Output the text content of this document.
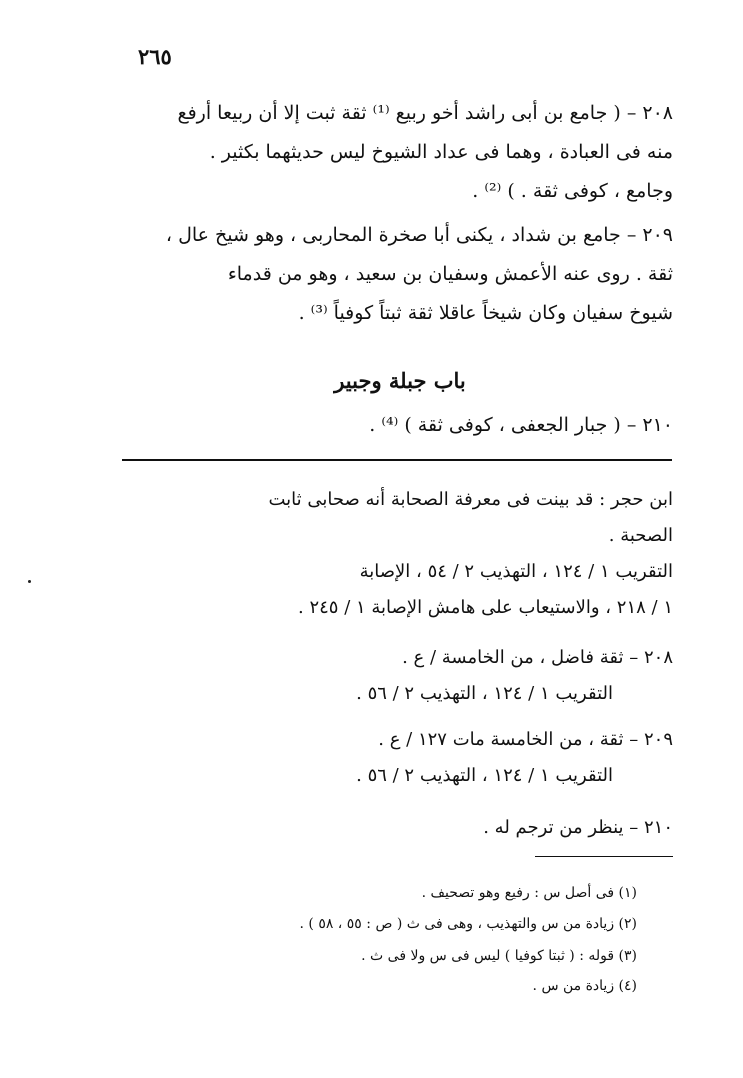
٢٦٥
٢٠٨ – ( جامع بن أبى راشد أخو ربيع ⁽¹⁾ ثقة ثبت إلا أن ربيعا أرفع
منه فى العبادة ، وهما فى عداد الشيوخ ليس حديثهما بكثير .
وجامع ، كوفى ثقة . ) ⁽²⁾ .
٢٠٩ – جامع بن شداد ، يكنى أبا صخرة المحاربى ، وهو شيخ عال ،
ثقة . روى عنه الأعمش وسفيان بن سعيد ، وهو من قدماء
شيوخ سفيان وكان شيخاً عاقلا ثقة ثبتاً كوفياً ⁽³⁾ .
باب جبلة وجبير
٢١٠ – ( جبار الجعفى ، كوفى ثقة ) ⁽⁴⁾ .
ابن حجر : قد بينت فى معرفة الصحابة أنه صحابى ثابت
الصحبة .
التقريب ١ / ١٢٤ ، التهذيب ٢ / ٥٤ ، الإصابة
١ / ٢١٨ ، والاستيعاب على هامش الإصابة ١ / ٢٤٥ .
٢٠٨ – ثقة فاضل ، من الخامسة / ع .
التقريب ١ / ١٢٤ ، التهذيب ٢ / ٥٦ .
٢٠٩ – ثقة ، من الخامسة مات ١٢٧ / ع .
التقريب ١ / ١٢٤ ، التهذيب ٢ / ٥٦ .
٢١٠ – ينظر من ترجم له .
(١) فى أصل س : رفيع وهو تصحيف .
(٢) زيادة من س والتهذيب ، وهى فى ث ( ص : ٥٥ ، ٥٨ ) .
(٣) قوله : ( ثبتا كوفيا ) ليس فى س ولا فى ث .
(٤) زيادة من س .
